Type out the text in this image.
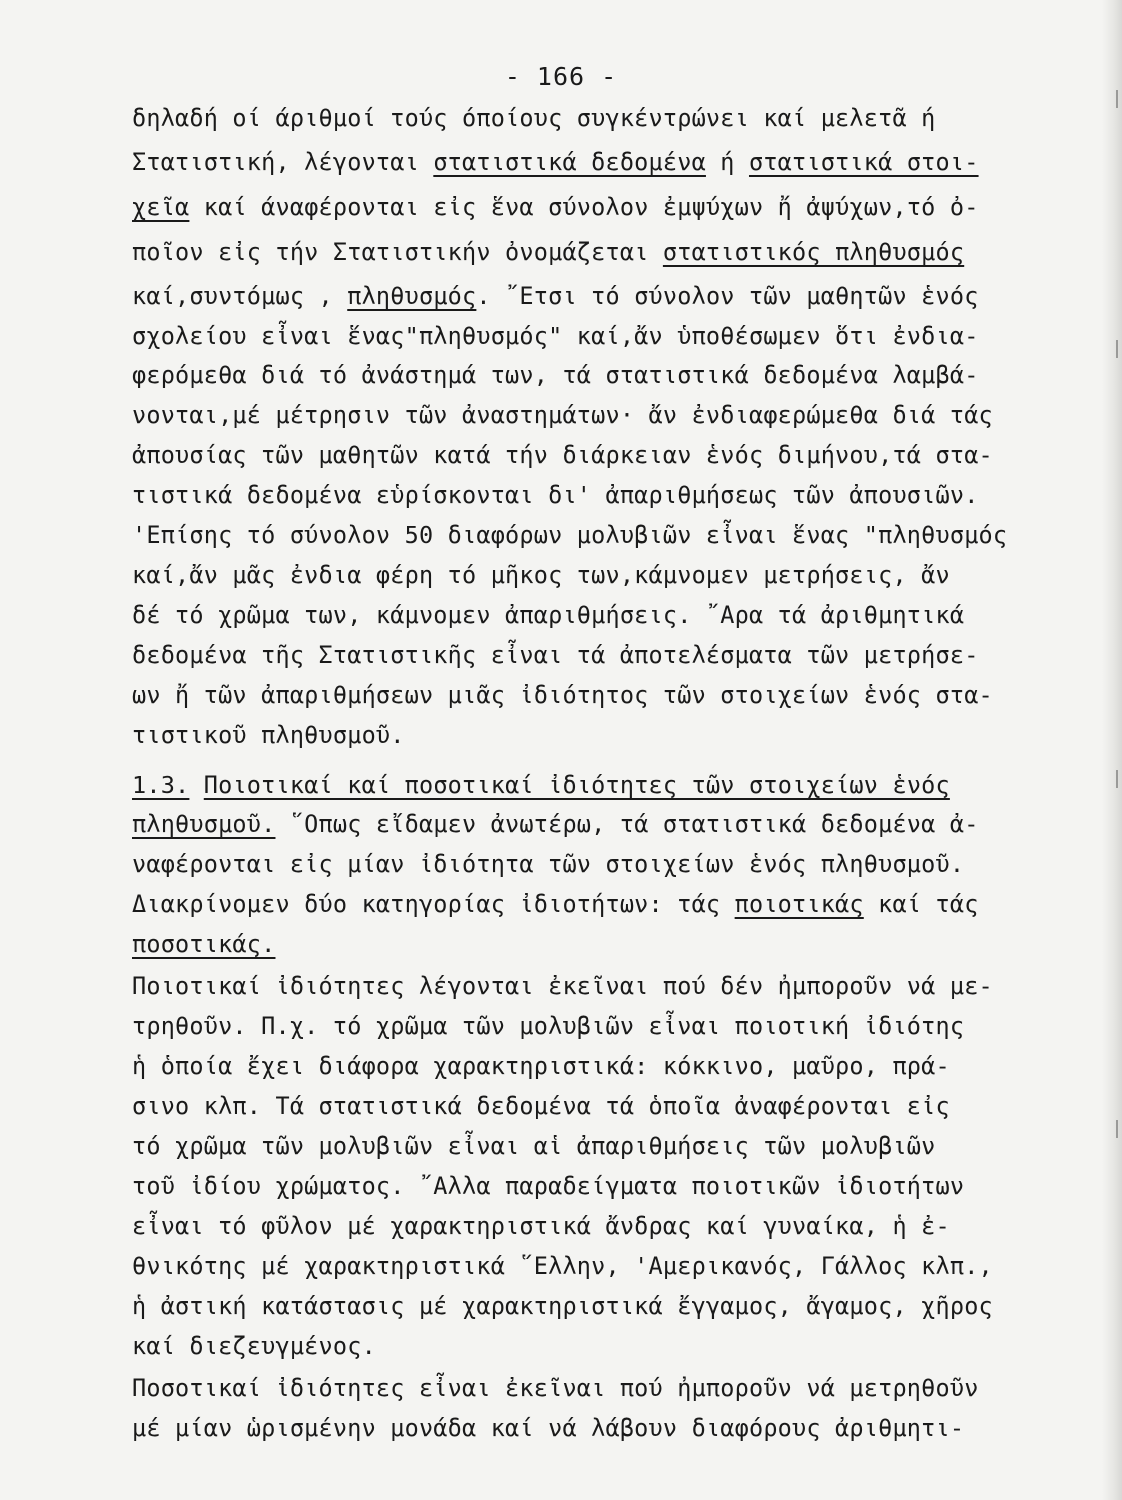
- 166 -
δηλαδή οί άριθμοί τούς όποίους συγκέντρώνει καί μελετᾶ ή
Στατιστική, λέγονται στατιστικά δεδομένα ή στατιστικά στοι-
χεῖα καί άναφέρονται εἰς ἕνα σύνολον ἐμψύχων ἤ ἀψύχων,τό ὀ-
ποῖον εἰς τήν Στατιστικήν ὀνομάζεται στατιστικός πληθυσμός
καί,συντόμως , πληθυσμός. ῎Ετσι τό σύνολον τῶν μαθητῶν ἑνός
σχολείου εἶναι ἕνας"πληθυσμός" καί,ἄν ὑποθέσωμεν ὅτι ἐνδια-
φερόμεθα διά τό ἀνάστημά των, τά στατιστικά δεδομένα λαμβά-
νονται,μέ μέτρησιν τῶν ἀναστημάτων· ἄν ἐνδιαφερώμεθα διά τάς
ἀπουσίας τῶν μαθητῶν κατά τήν διάρκειαν ἑνός διμήνου,τά στα-
τιστικά δεδομένα εὑρίσκονται δι' ἀπαριθμήσεως τῶν ἀπουσιῶν.
'Επίσης τό σύνολον 50 διαφόρων μολυβιῶν εἶναι ἕνας "πληθυσμός
καί,ἄν μᾶς ἐνδια φέρη τό μῆκος των,κάμνομεν μετρήσεις, ἄν
δέ τό χρῶμα των, κάμνομεν ἀπαριθμήσεις. ῎Αρα τά ἀριθμητικά
δεδομένα τῆς Στατιστικῆς εἶναι τά ἀποτελέσματα τῶν μετρήσε-
ων ἤ τῶν ἀπαριθμήσεων μιᾶς ἰδιότητος τῶν στοιχείων ἑνός στα-
τιστικοῦ πληθυσμοῦ.
1.3. Ποιοτικαί καί ποσοτικαί ἰδιότητες τῶν στοιχείων ἑνός
πληθυσμοῦ. ῞Οπως εἴδαμεν ἀνωτέρω, τά στατιστικά δεδομένα ἀ-
ναφέρονται εἰς μίαν ἰδιότητα τῶν στοιχείων ἑνός πληθυσμοῦ.
Διακρίνομεν δύο κατηγορίας ἰδιοτήτων: τάς ποιοτικάς καί τάς
ποσοτικάς.
Ποιοτικαί ἰδιότητες λέγονται ἐκεῖναι πού δέν ἠμποροῦν νά με-
τρηθοῦν. Π.χ. τό χρῶμα τῶν μολυβιῶν εἶναι ποιοτική ἰδιότης
ἡ ὁποία ἔχει διάφορα χαρακτηριστικά: κόκκινο, μαῦρο, πρά-
σινο κλπ. Τά στατιστικά δεδομένα τά ὁποῖα ἀναφέρονται εἰς
τό χρῶμα τῶν μολυβιῶν εἶναι αἱ ἀπαριθμήσεις τῶν μολυβιῶν
τοῦ ἰδίου χρώματος. ῎Αλλα παραδείγματα ποιοτικῶν ἰδιοτήτων
εἶναι τό φῦλον μέ χαρακτηριστικά ἄνδρας καί γυναίκα, ἡ ἐ-
θνικότης μέ χαρακτηριστικά ῞Ελλην, 'Αμερικανός, Γάλλος κλπ.,
ἡ ἀστική κατάστασις μέ χαρακτηριστικά ἔγγαμος, ἄγαμος, χῆρος
καί διεζευγμένος.
Ποσοτικαί ἰδιότητες εἶναι ἐκεῖναι πού ἠμποροῦν νά μετρηθοῦν
μέ μίαν ὡρισμένην μονάδα καί νά λάβουν διαφόρους ἀριθμητι-
